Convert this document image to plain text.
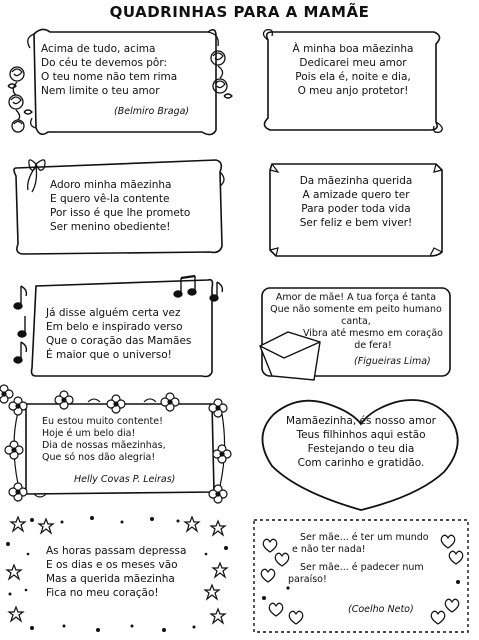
QUADRINHAS PARA A MAMÃE
Acima de tudo, acima
Do céu te devemos pôr:
O teu nome não tem rima
Nem limite o teu amor
(Belmiro Braga)
À minha boa mãezinha
Dedicarei meu amor
Pois ela é, noite e dia,
O meu anjo protetor!
Adoro minha mãezinha
E quero vê-la contente
Por isso é que lhe prometo
Ser menino obediente!
Da mãezinha querida
A amizade quero ter
Para poder toda vida
Ser feliz e bem viver!
Já disse alguém certa vez
Em belo e inspirado verso
Que o coração das Mamães
É maior que o universo!
Amor de mãe! A tua força é tanta
Que não somente em peito humano
canta,
Vibra até mesmo em coração
de fera!
(Figueiras Lima)
Eu estou muito contente!
Hoje é um belo dia!
Dia de nossas mãezinhas,
Que só nos dão alegria!
Helly Covas P. Leiras)
Mamãezinha, és nosso amor
Teus filhinhos aqui estão
Festejando o teu dia
Com carinho e gratidão.
As horas passam depressa
E os dias e os meses vão
Mas a querida mãezinha
Fica no meu coração!
Ser mãe... é ter um mundo
e não ter nada!
Ser mãe... é padecer num
paraíso!
(Coelho Neto)
